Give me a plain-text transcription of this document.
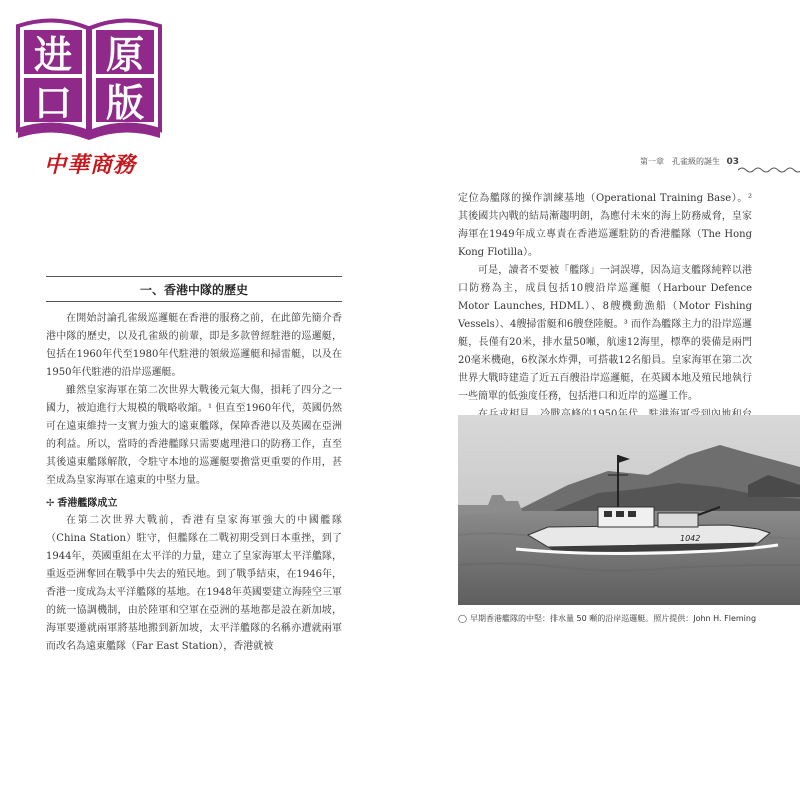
进 原
口 版
中華商務	第一章　孔雀級的誕生 03
一、香港中隊的歷史

在開始討論孔雀級巡邏艇在香港的服務之前，在此節先簡介香港中隊的歷史，以及孔雀級的前輩，即是多款曾經駐港的巡邏艇，包括在1960年代至1980年代駐港的領級巡邏艇和掃雷艇，以及在1950年代駐港的沿岸巡邏艇。

雖然皇家海軍在第二次世界大戰後元氣大傷，損耗了四分之一國力，被迫進行大規模的戰略收縮。¹ 但直至1960年代，英國仍然可在遠東維持一支實力強大的遠東艦隊，保障香港以及英國在亞洲的利益。所以，當時的香港艦隊只需要處理港口的防務工作，直至其後遠東艦隊解散，令駐守本地的巡邏艇要擔當更重要的作用，甚至成為皇家海軍在遠東的中堅力量。

✢ 香港艦隊成立

在第二次世界大戰前，香港有皇家海軍強大的中國艦隊（China Station）駐守，但艦隊在二戰初期受到日本重挫，到了1944年，英國重組在太平洋的力量，建立了皇家海軍太平洋艦隊，重返亞洲奪回在戰爭中失去的殖民地。到了戰爭結束，在1946年，香港一度成為太平洋艦隊的基地。在1948年英國要建立海陸空三軍的統一協調機制，由於陸軍和空軍在亞洲的基地都是設在新加坡，海軍要遷就兩軍將基地搬到新加坡，太平洋艦隊的名稱亦遭就兩軍而改名為遠東艦隊（Far East Station），香港就被

定位為艦隊的操作訓練基地（Operational Training Base）。² 其後國共內戰的結局漸趨明朗，為應付未來的海上防務威脅，皇家海軍在1949年成立專責在香港巡邏駐防的香港艦隊（The Hong Kong Flotilla）。

可是，讀者不要被「艦隊」一詞誤導，因為這支艦隊純粹以港口防務為主，成員包括10艘沿岸巡邏艇（Harbour Defence Motor Launches, HDML）、8艘機動漁船（Motor Fishing Vessels）、4艘掃雷艇和6艘登陸艇。³ 而作為艦隊主力的沿岸巡邏艇，長僅有20米，排水量50噸，航速12海里，標準的裝備是兩門20毫米機砲，6枚深水炸彈，可搭載12名船員。皇家海軍在第二次世界大戰時建造了近五百艘沿岸巡邏艇，在英國本地及殖民地執行一些簡單的低強度任務，包括港口和近岸的巡邏工作。

1042
◯ 早期香港艦隊的中堅：排水量 50 噸的沿岸巡邏艇。照片提供：John H. Fleming
